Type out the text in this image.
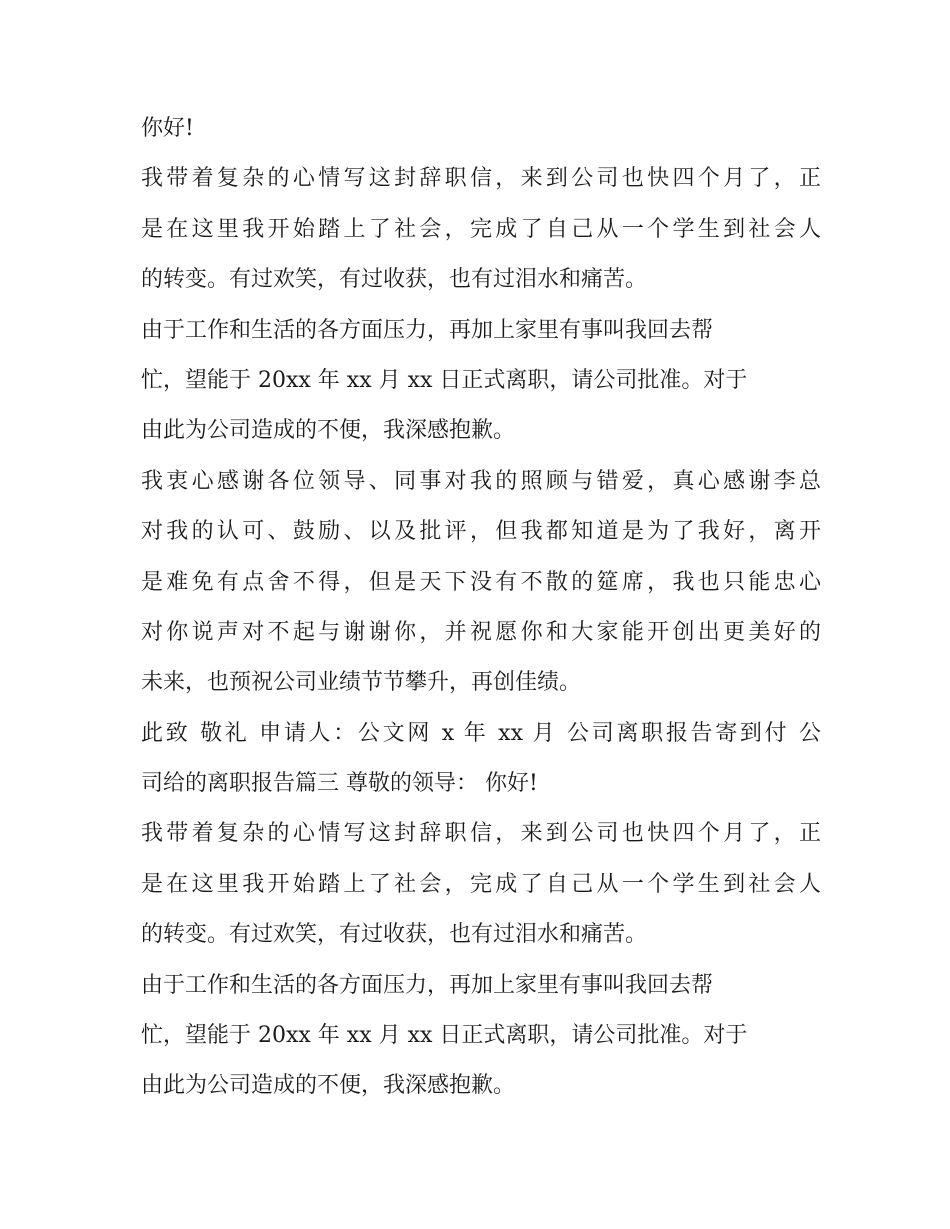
你好!
我带着复杂的心情写这封辞职信，来到公司也快四个月了，正
是在这里我开始踏上了社会，完成了自己从一个学生到社会人
的转变。有过欢笑，有过收获，也有过泪水和痛苦。
由于工作和生活的各方面压力，再加上家里有事叫我回去帮
忙，望能于 20xx 年 xx 月 xx 日正式离职，请公司批准。对于
由此为公司造成的不便，我深感抱歉。
我衷心感谢各位领导、同事对我的照顾与错爱，真心感谢李总
对我的认可、鼓励、以及批评，但我都知道是为了我好，离开
是难免有点舍不得，但是天下没有不散的筵席，我也只能忠心
对你说声对不起与谢谢你，并祝愿你和大家能开创出更美好的
未来，也预祝公司业绩节节攀升，再创佳绩。
此致 敬礼 申请人：公文网 x 年 xx 月 公司离职报告寄到付 公
司给的离职报告篇三 尊敬的领导： 你好!
我带着复杂的心情写这封辞职信，来到公司也快四个月了，正
是在这里我开始踏上了社会，完成了自己从一个学生到社会人
的转变。有过欢笑，有过收获，也有过泪水和痛苦。
由于工作和生活的各方面压力，再加上家里有事叫我回去帮
忙，望能于 20xx 年 xx 月 xx 日正式离职，请公司批准。对于
由此为公司造成的不便，我深感抱歉。
